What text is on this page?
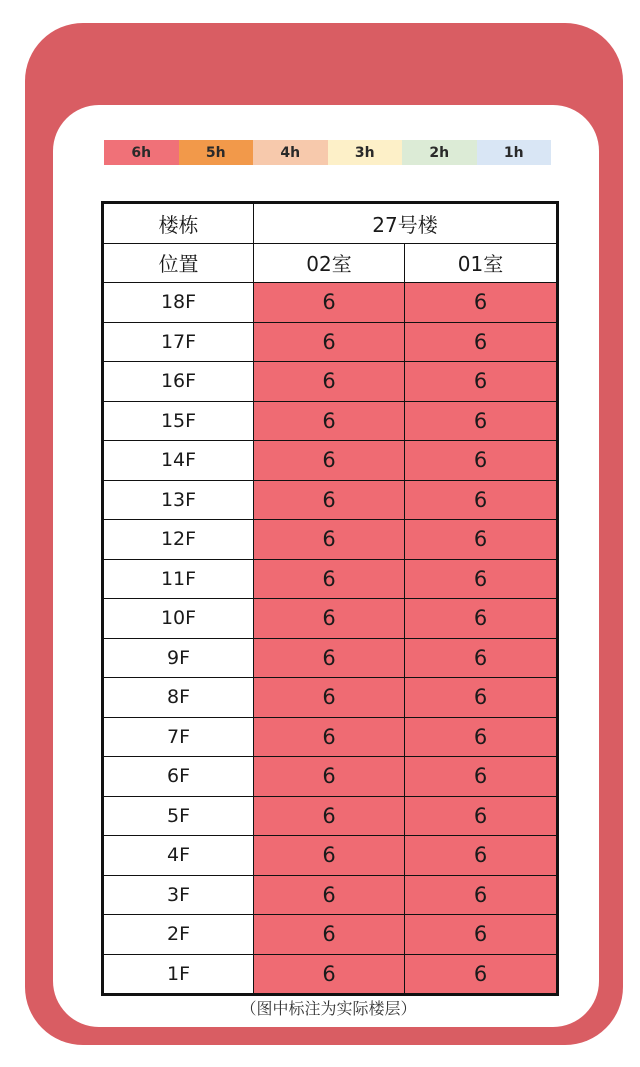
6h	5h	4h	3h	2h	1h
楼栋	27号楼	
位置	02室	01室
18F	6	6
17F	6	6
16F	6	6
15F	6	6
14F	6	6
13F	6	6
12F	6	6
11F	6	6
10F	6	6
9F	6	6
8F	6	6
7F	6	6
6F	6	6
5F	6	6
4F	6	6
3F	6	6
2F	6	6
1F	6	6
（图中标注为实际楼层）
